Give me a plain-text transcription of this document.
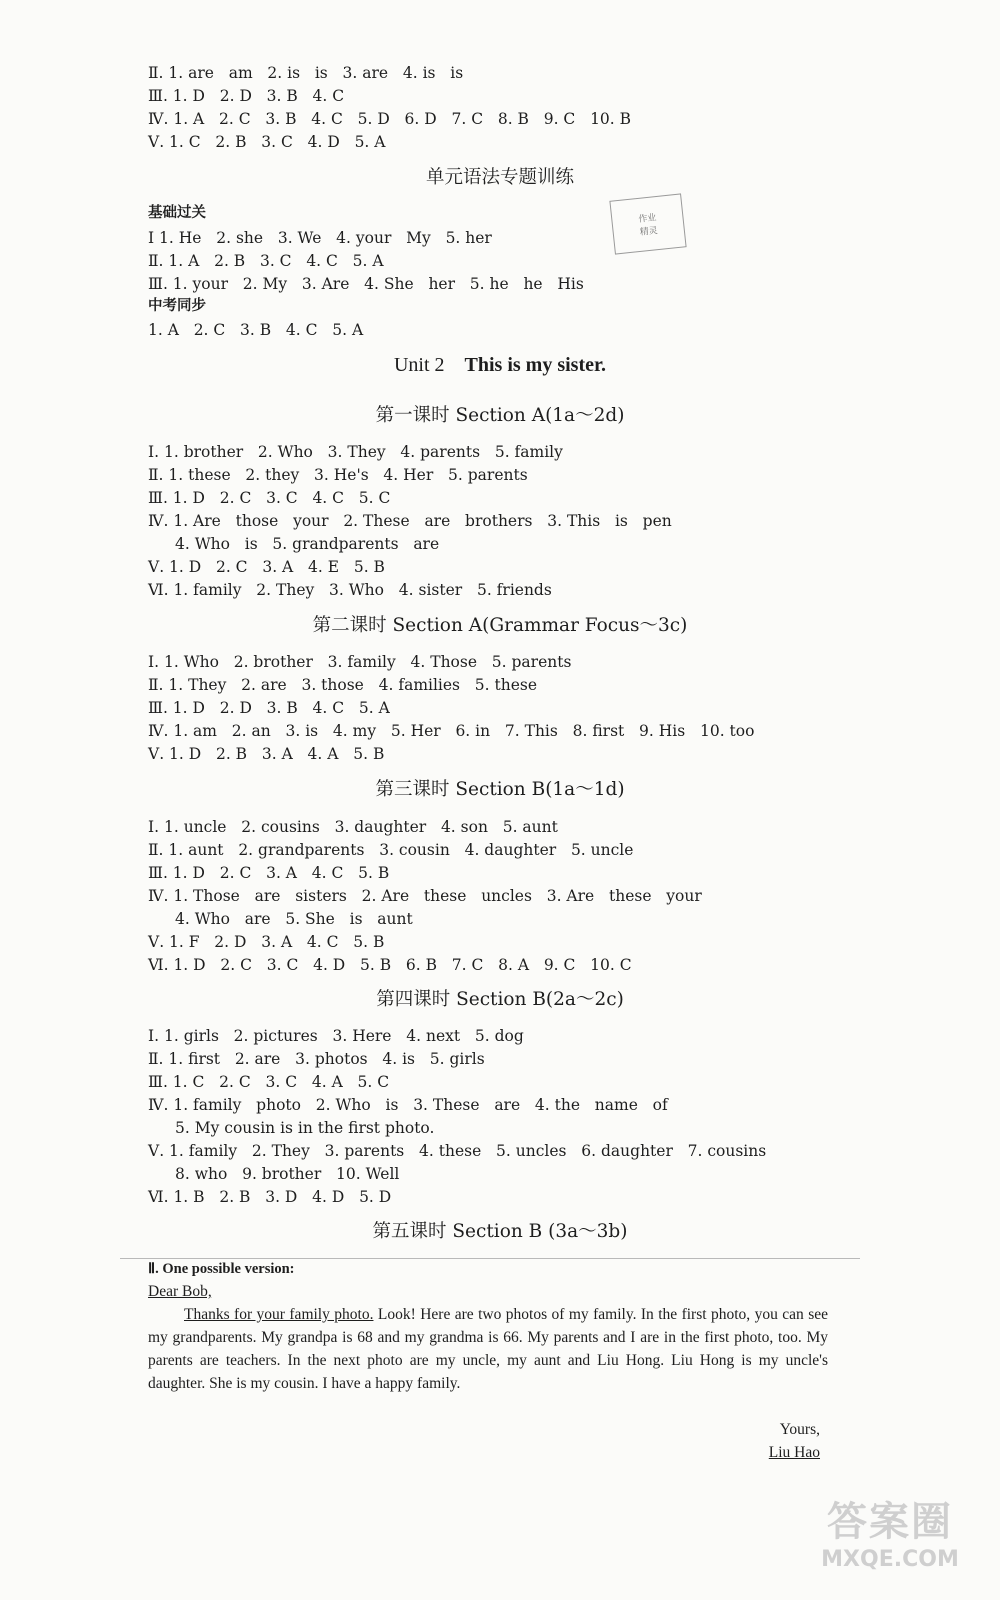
Ⅱ. 1. are   am   2. is   is   3. are   4. is   is
Ⅲ. 1. D   2. D   3. B   4. C
Ⅳ. 1. A   2. C   3. B   4. C   5. D   6. D   7. C   8. B   9. C   10. B
Ⅴ. 1. C   2. B   3. C   4. D   5. A
单元语法专题训练
作业
精灵
基础过关
Ⅰ 1. He   2. she   3. We   4. your   My   5. her
Ⅱ. 1. A   2. B   3. C   4. C   5. A
Ⅲ. 1. your   2. My   3. Are   4. She   her   5. he   he   His
中考同步
1. A   2. C   3. B   4. C   5. A
Unit 2 This is my sister.
第一课时 Section A(1a～2d)
Ⅰ. 1. brother   2. Who   3. They   4. parents   5. family
Ⅱ. 1. these   2. they   3. He's   4. Her   5. parents
Ⅲ. 1. D   2. C   3. C   4. C   5. C
Ⅳ. 1. Are   those   your   2. These   are   brothers   3. This   is   pen
4. Who   is   5. grandparents   are
Ⅴ. 1. D   2. C   3. A   4. E   5. B
Ⅵ. 1. family   2. They   3. Who   4. sister   5. friends
第二课时 Section A(Grammar Focus～3c)
Ⅰ. 1. Who   2. brother   3. family   4. Those   5. parents
Ⅱ. 1. They   2. are   3. those   4. families   5. these
Ⅲ. 1. D   2. D   3. B   4. C   5. A
Ⅳ. 1. am   2. an   3. is   4. my   5. Her   6. in   7. This   8. first   9. His   10. too
Ⅴ. 1. D   2. B   3. A   4. A   5. B
第三课时 Section B(1a～1d)
Ⅰ. 1. uncle   2. cousins   3. daughter   4. son   5. aunt
Ⅱ. 1. aunt   2. grandparents   3. cousin   4. daughter   5. uncle
Ⅲ. 1. D   2. C   3. A   4. C   5. B
Ⅳ. 1. Those   are   sisters   2. Are   these   uncles   3. Are   these   your
4. Who   are   5. She   is   aunt
Ⅴ. 1. F   2. D   3. A   4. C   5. B
Ⅵ. 1. D   2. C   3. C   4. D   5. B   6. B   7. C   8. A   9. C   10. C
第四课时 Section B(2a～2c)
Ⅰ. 1. girls   2. pictures   3. Here   4. next   5. dog
Ⅱ. 1. first   2. are   3. photos   4. is   5. girls
Ⅲ. 1. C   2. C   3. C   4. A   5. C
Ⅳ. 1. family   photo   2. Who   is   3. These   are   4. the   name   of
5. My cousin is in the first photo.
Ⅴ. 1. family   2. They   3. parents   4. these   5. uncles   6. daughter   7. cousins
8. who   9. brother   10. Well
Ⅵ. 1. B   2. B   3. D   4. D   5. D
第五课时 Section B (3a～3b)
Ⅱ. One possible version:
Dear Bob,
Thanks for your family photo. Look! Here are two photos of my family. In the first photo, you can see my grandparents. My grandpa is 68 and my grandma is 66. My parents and I are in the first photo, too. My parents are teachers. In the next photo are my uncle, my aunt and Liu Hong. Liu Hong is my uncle's daughter. She is my cousin. I have a happy family.
Yours,
Liu Hao
答案圈
MXQE.COM
